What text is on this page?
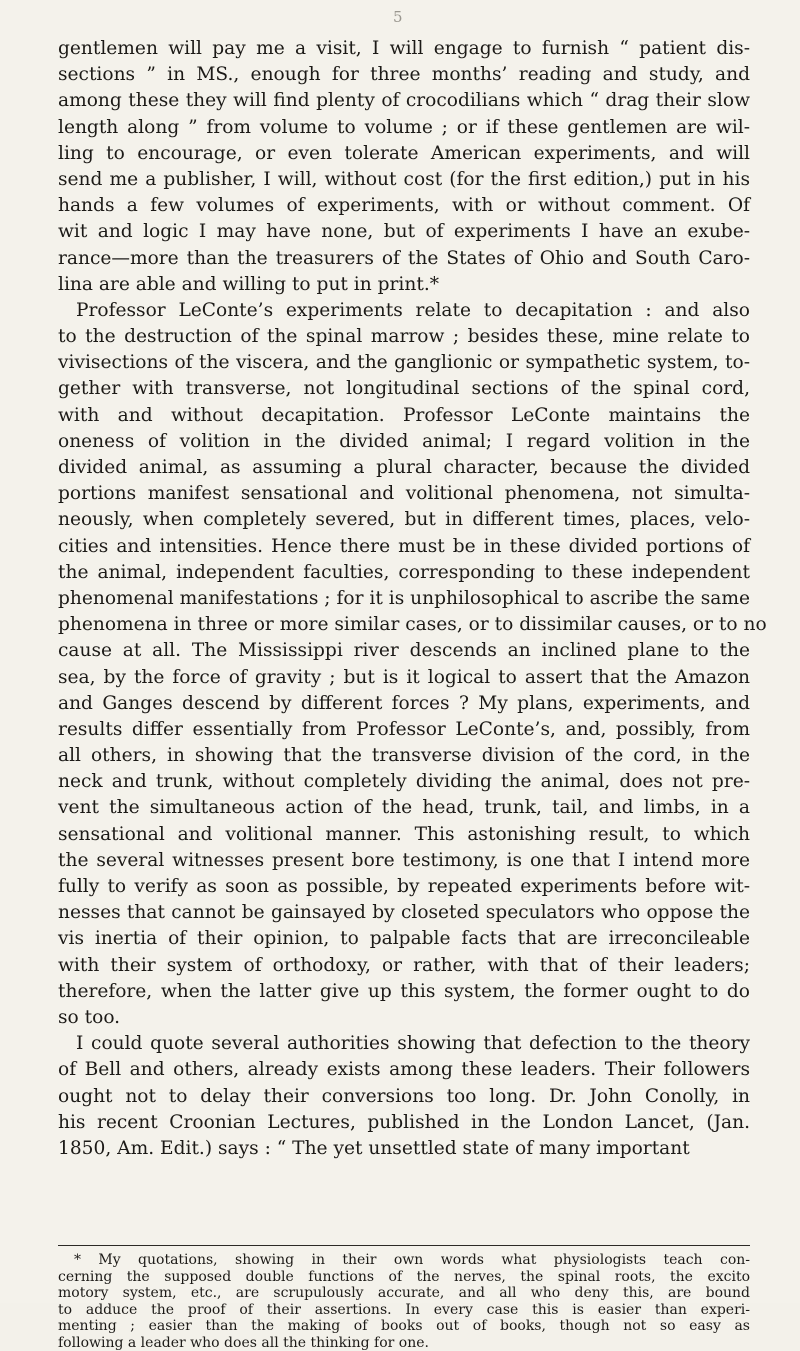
5
gentlemen will pay me a visit, I will engage to furnish “ patient dis-
sections ” in MS., enough for three months’ reading and study, and
among these they will find plenty of crocodilians which “ drag their slow
length along ” from volume to volume ; or if these gentlemen are wil-
ling to encourage, or even tolerate American experiments, and will
send me a publisher, I will, without cost (for the first edition,) put in his
hands a few volumes of experiments, with or without comment. Of
wit and logic I may have none, but of experiments I have an exube-
rance—more than the treasurers of the States of Ohio and South Caro-
lina are able and willing to put in print.*
Professor LeConte’s experiments relate to decapitation : and also
to the destruction of the spinal marrow ; besides these, mine relate to
vivisections of the viscera, and the ganglionic or sympathetic system, to-
gether with transverse, not longitudinal sections of the spinal cord,
with and without decapitation. Professor LeConte maintains the
oneness of volition in the divided animal; I regard volition in the
divided animal, as assuming a plural character, because the divided
portions manifest sensational and volitional phenomena, not simulta-
neously, when completely severed, but in different times, places, velo-
cities and intensities. Hence there must be in these divided portions of
the animal, independent faculties, corresponding to these independent
phenomenal manifestations ; for it is unphilosophical to ascribe the same
phenomena in three or more similar cases, or to dissimilar causes, or to no
cause at all. The Mississippi river descends an inclined plane to the
sea, by the force of gravity ; but is it logical to assert that the Amazon
and Ganges descend by different forces ? My plans, experiments, and
results differ essentially from Professor LeConte’s, and, possibly, from
all others, in showing that the transverse division of the cord, in the
neck and trunk, without completely dividing the animal, does not pre-
vent the simultaneous action of the head, trunk, tail, and limbs, in a
sensational and volitional manner. This astonishing result, to which
the several witnesses present bore testimony, is one that I intend more
fully to verify as soon as possible, by repeated experiments before wit-
nesses that cannot be gainsayed by closeted speculators who oppose the
vis inertia of their opinion, to palpable facts that are irreconcileable
with their system of orthodoxy, or rather, with that of their leaders;
therefore, when the latter give up this system, the former ought to do
so too.
I could quote several authorities showing that defection to the theory
of Bell and others, already exists among these leaders. Their followers
ought not to delay their conversions too long. Dr. John Conolly, in
his recent Croonian Lectures, published in the London Lancet, (Jan.
1850, Am. Edit.) says : “ The yet unsettled state of many important
* My quotations, showing in their own words what physiologists teach con-
cerning the supposed double functions of the nerves, the spinal roots, the excito
motory system, etc., are scrupulously accurate, and all who deny this, are bound
to adduce the proof of their assertions. In every case this is easier than experi-
menting ; easier than the making of books out of books, though not so easy as
following a leader who does all the thinking for one.
